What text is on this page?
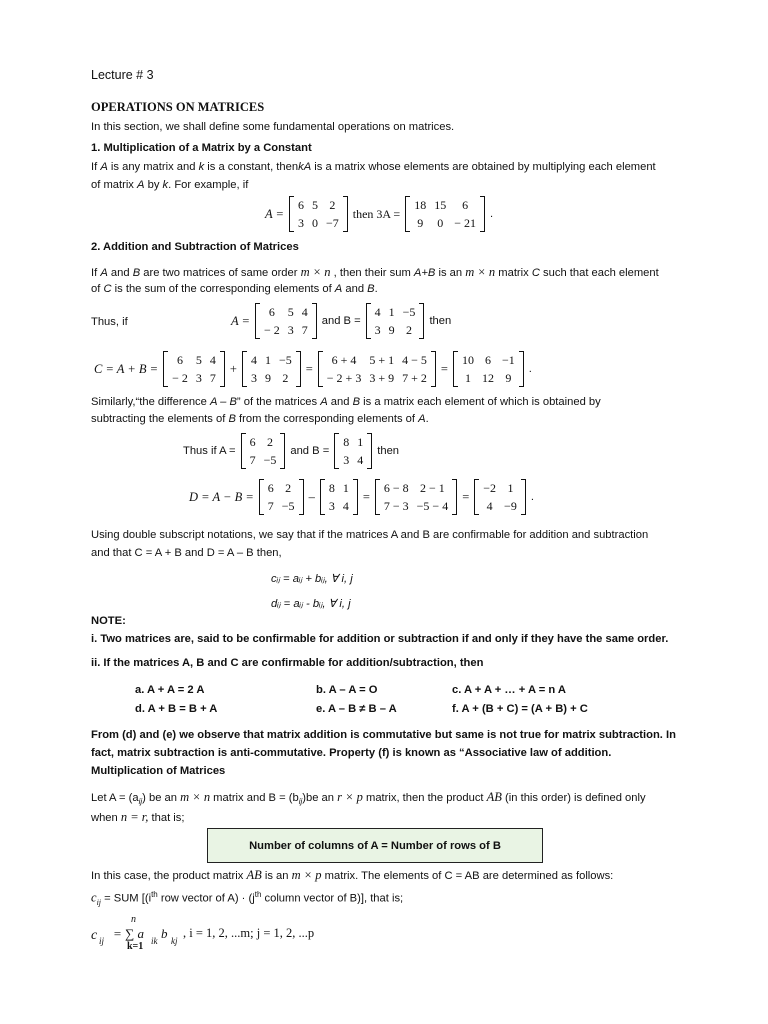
Lecture # 3
OPERATIONS ON MATRICES
In this section, we shall define some fundamental operations on matrices.
1. Multiplication of a Matrix by a Constant
If A is any matrix and k is a constant, thenkA is a matrix whose elements are obtained by multiplying each element
of matrix A by k. For example, if
A =
6	5	2
3	0	−7
then 3A =
18	15	6
9	0	− 21
.
2. Addition and Subtraction of Matrices
If A and B are two matrices of same order m × n , then their sum A+B is an m × n matrix C such that each element
of C is the sum of the corresponding elements of A and B.
Thus, if	A =
6	5	4
− 2	3	7
and B =
4	1	−5
3	9	2
then
C = A + B =
6	5	4
− 2	3	7
+
4	1	−5
3	9	2
=
6 + 4	5 + 1	4 − 5
− 2 + 3	3 + 9	7 + 2
=
10	6	−1
1	12	9
.
Similarly,“the difference A – B” of the matrices A and B is a matrix each element of which is obtained by
subtracting the elements of B from the corresponding elements of A.
Thus if A =
6	2
7	−5
and B =
8	1
3	4
then
D = A − B =
6	2
7	−5
–
8	1
3	4
=
6 − 8	2 − 1
7 − 3	−5 − 4
=
−2	1
4	−9
.
Using double subscript notations, we say that if the matrices A and B are confirmable for addition and subtraction
and that C = A + B and D = A – B then,
cᵢⱼ = aᵢⱼ + bᵢⱼ, ∀ i, j
dᵢⱼ = aᵢⱼ - bᵢⱼ, ∀ i, j
NOTE:
i. Two matrices are, said to be confirmable for addition or subtraction if and only if they have the same order.
ii. If the matrices A, B and C are confirmable for addition/subtraction, then
a. A + A = 2 A	b. A – A = O	c. A + A + … + A = n A
d. A + B = B + A	e. A – B ≠ B – A	f. A + (B + C) = (A + B) + C
From (d) and (e) we observe that matrix addition is commutative but same is not true for matrix subtraction. In
fact, matrix subtraction is anti-commutative. Property (f) is known as “Associative law of addition.
Multiplication of Matrices
Let $A = (a_{ij})$ be an m × n matrix and $B = (b_{ij})be$ an r × p matrix, then the product AB (in this order) is defined only
when n = r, that is;
Number of columns of A = Number of rows of B
In this case, the product matrix AB is an m × p matrix. The elements of C = AB are determined as follows:
$c_{ij}$ = SUM [($i^{th}$ row vector of $A) \cdot (j^{th}$ column vector of B)], that is;
c ij
n
k=1
= ∑ a ik b kj
, i = 1, 2, ...m; j = 1, 2, ...p
